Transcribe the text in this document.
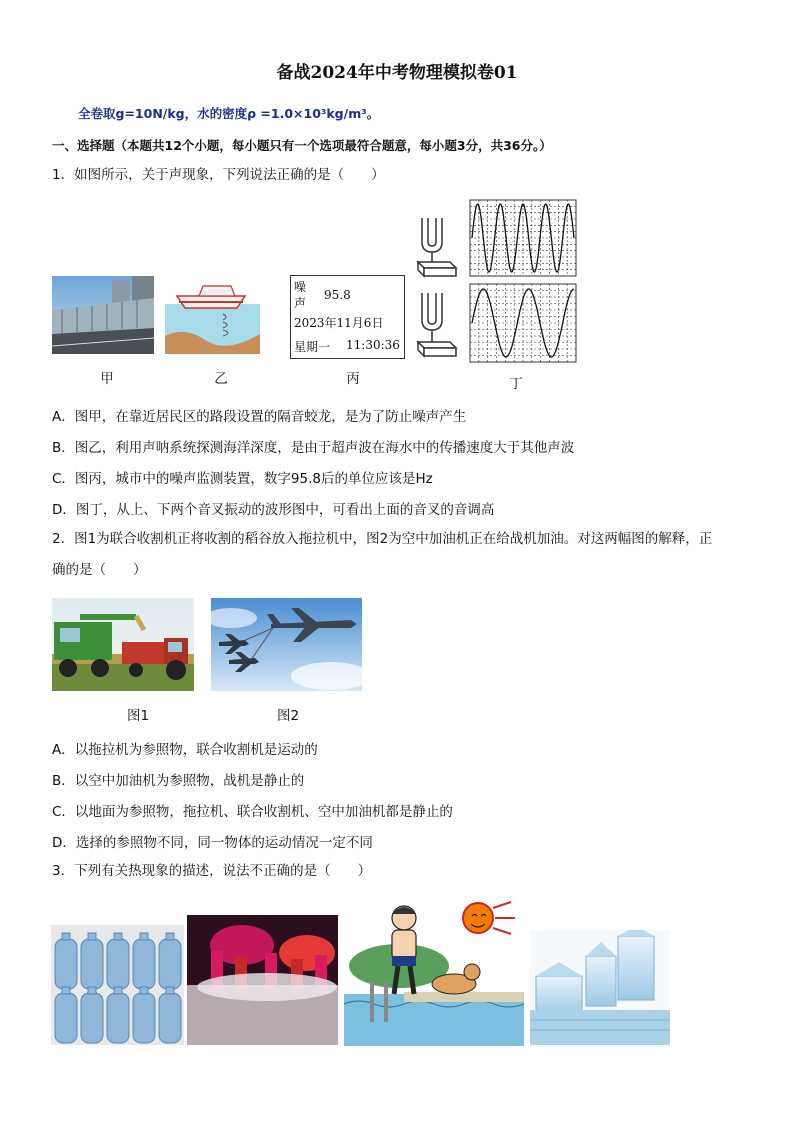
备战2024年中考物理模拟卷01
全卷取g=10N/kg，水的密度ρ =1.0×10³kg/m³。
一、选择题（本题共12个小题，每小题只有一个选项最符合题意，每小题3分，共36分。）
1．如图所示，关于声现象，下列说法正确的是（　　）
噪
声
95.8
2023年11月6日
星期一 11:30:36
甲	乙	丙	丁
A．图甲，在靠近居民区的路段设置的隔音蛟龙，是为了防止噪声产生
B．图乙，利用声呐系统探测海洋深度，是由于超声波在海水中的传播速度大于其他声波
C．图丙，城市中的噪声监测装置，数字95.8后的单位应该是Hz
D．图丁，从上、下两个音叉振动的波形图中，可看出上面的音叉的音调高
2．图1为联合收割机正将收割的稻谷放入拖拉机中，图2为空中加油机正在给战机加油。对这两幅图的解释，正
确的是（　　）
图1	图2
A．以拖拉机为参照物，联合收割机是运动的
B．以空中加油机为参照物，战机是静止的
C．以地面为参照物，拖拉机、联合收割机、空中加油机都是静止的
D．选择的参照物不同，同一物体的运动情况一定不同
3．下列有关热现象的描述，说法不正确的是（　　）
